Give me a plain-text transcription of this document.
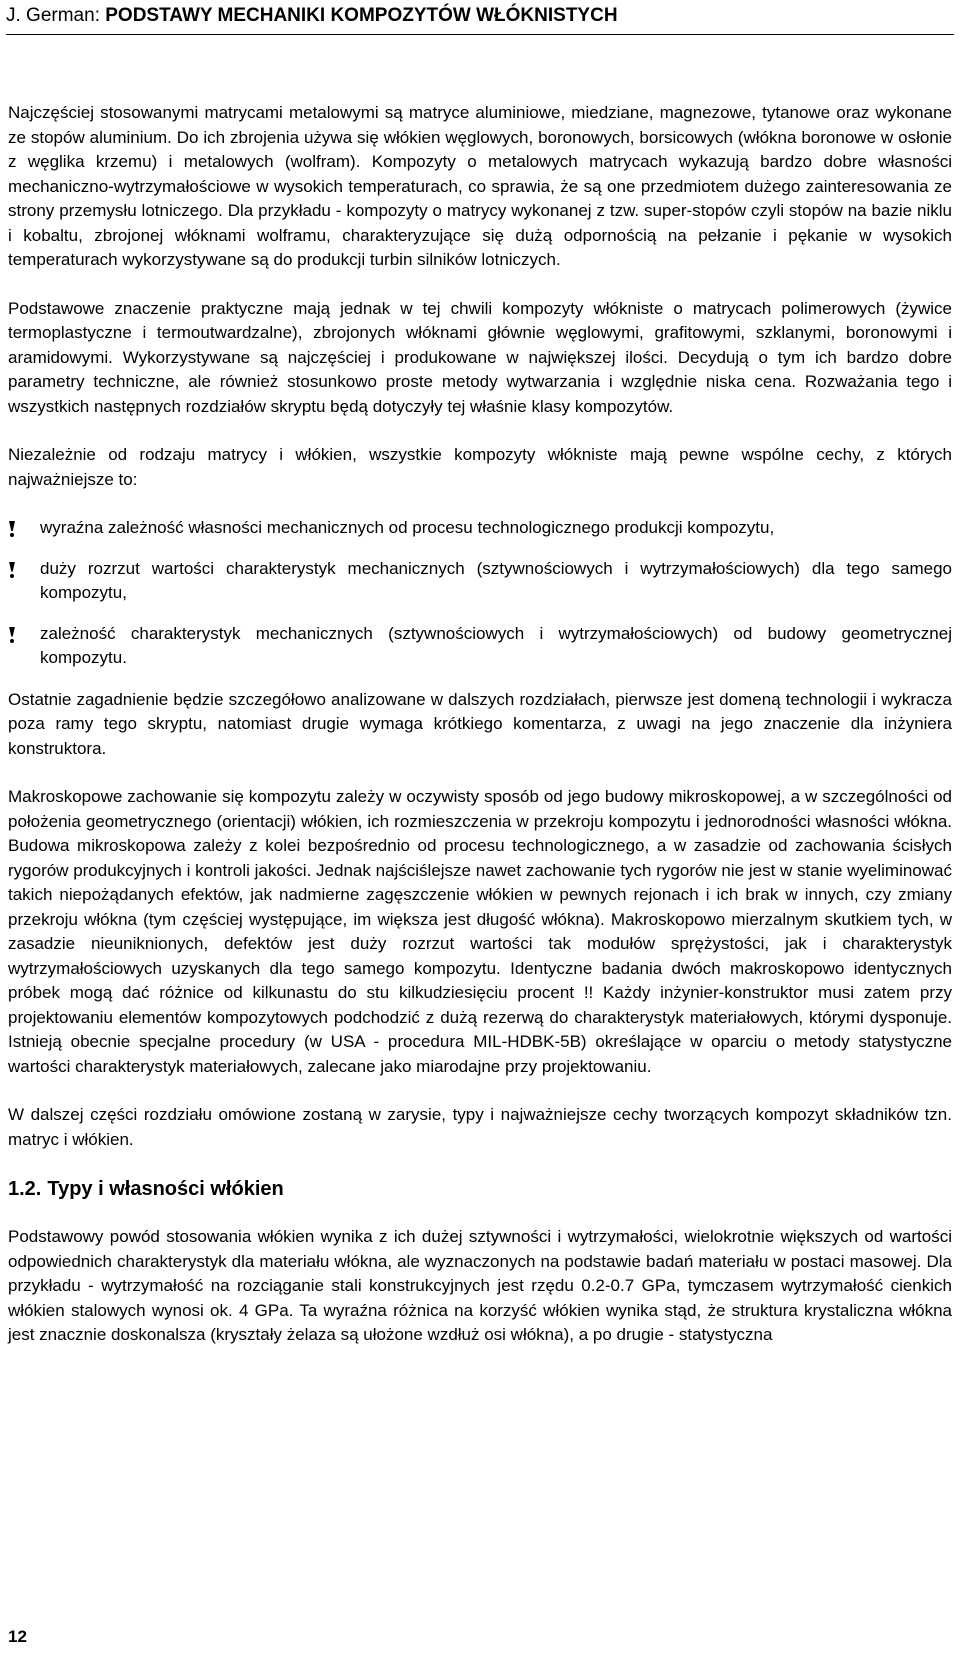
J. German: PODSTAWY MECHANIKI KOMPOZYTÓW WŁÓKNISTYCH

Najczęściej stosowanymi matrycami metalowymi są matryce aluminiowe, miedziane, magnezowe, tytanowe oraz wykonane ze stopów aluminium. Do ich zbrojenia używa się włókien węglowych, boronowych, borsicowych (włókna boronowe w osłonie z węglika krzemu) i metalowych (wolfram). Kompozyty o metalowych matrycach wykazują bardzo dobre własności mechaniczno-wytrzymałościowe w wysokich temperaturach, co sprawia, że są one przedmiotem dużego zainteresowania ze strony przemysłu lotniczego. Dla przykładu - kompozyty o matrycy wykonanej z tzw. super-stopów czyli stopów na bazie niklu i kobaltu, zbrojonej włóknami wolframu, charakteryzujące się dużą odpornością na pełzanie i pękanie w wysokich temperaturach wykorzystywane są do produkcji turbin silników lotniczych.

Podstawowe znaczenie praktyczne mają jednak w tej chwili kompozyty włókniste o matrycach polimerowych (żywice termoplastyczne i termoutwardzalne), zbrojonych włóknami głównie węglowymi, grafitowymi, szklanymi, boronowymi i aramidowymi. Wykorzystywane są najczęściej i produkowane w największej ilości. Decydują o tym ich bardzo dobre parametry techniczne, ale również stosunkowo proste metody wytwarzania i względnie niska cena. Rozważania tego i wszystkich następnych rozdziałów skryptu będą dotyczyły tej właśnie klasy kompozytów.

Niezależnie od rodzaju matrycy i włókien, wszystkie kompozyty włókniste mają pewne wspólne cechy, z których najważniejsze to:

wyraźna zależność własności mechanicznych od procesu technologicznego produkcji kompozytu,
duży rozrzut wartości charakterystyk mechanicznych (sztywnościowych i wytrzymałościowych) dla tego samego kompozytu,
zależność charakterystyk mechanicznych (sztywnościowych i wytrzymałościowych) od budowy geometrycznej kompozytu.

Ostatnie zagadnienie będzie szczegółowo analizowane w dalszych rozdziałach, pierwsze jest domeną technologii i wykracza poza ramy tego skryptu, natomiast drugie wymaga krótkiego komentarza, z uwagi na jego znaczenie dla inżyniera konstruktora.

Makroskopowe zachowanie się kompozytu zależy w oczywisty sposób od jego budowy mikroskopowej, a w szczególności od położenia geometrycznego (orientacji) włókien, ich rozmieszczenia w przekroju kompozytu i jednorodności własności włókna. Budowa mikroskopowa zależy z kolei bezpośrednio od procesu technologicznego, a w zasadzie od zachowania ścisłych rygorów produkcyjnych i kontroli jakości. Jednak najściślejsze nawet zachowanie tych rygorów nie jest w stanie wyeliminować takich niepożądanych efektów, jak nadmierne zagęszczenie włókien w pewnych rejonach i ich brak w innych, czy zmiany przekroju włókna (tym częściej występujące, im większa jest długość włókna). Makroskopowo mierzalnym skutkiem tych, w zasadzie nieuniknionych, defektów jest duży rozrzut wartości tak modułów sprężystości, jak i charakterystyk wytrzymałościowych uzyskanych dla tego samego kompozytu. Identyczne badania dwóch makroskopowo identycznych próbek mogą dać różnice od kilkunastu do stu kilkudziesięciu procent !! Każdy inżynier-konstruktor musi zatem przy projektowaniu elementów kompozytowych podchodzić z dużą rezerwą do charakterystyk materiałowych, którymi dysponuje. Istnieją obecnie specjalne procedury (w USA - procedura MIL-HDBK-5B) określające w oparciu o metody statystyczne wartości charakterystyk materiałowych, zalecane jako miarodajne przy projektowaniu.

W dalszej części rozdziału omówione zostaną w zarysie, typy i najważniejsze cechy tworzących kompozyt składników tzn. matryc i włókien.

1.2. Typy i własności włókien

Podstawowy powód stosowania włókien wynika z ich dużej sztywności i wytrzymałości, wielokrotnie większych od wartości odpowiednich charakterystyk dla materiału włókna, ale wyznaczonych na podstawie badań materiału w postaci masowej. Dla przykładu - wytrzymałość na rozciąganie stali konstrukcyjnych jest rzędu 0.2-0.7 GPa, tymczasem wytrzymałość cienkich włókien stalowych wynosi ok. 4 GPa. Ta wyraźna różnica na korzyść włókien wynika stąd, że struktura krystaliczna włókna jest znacznie doskonalsza (kryształy żelaza są ułożone wzdłuż osi włókna), a po drugie - statystyczna

12
